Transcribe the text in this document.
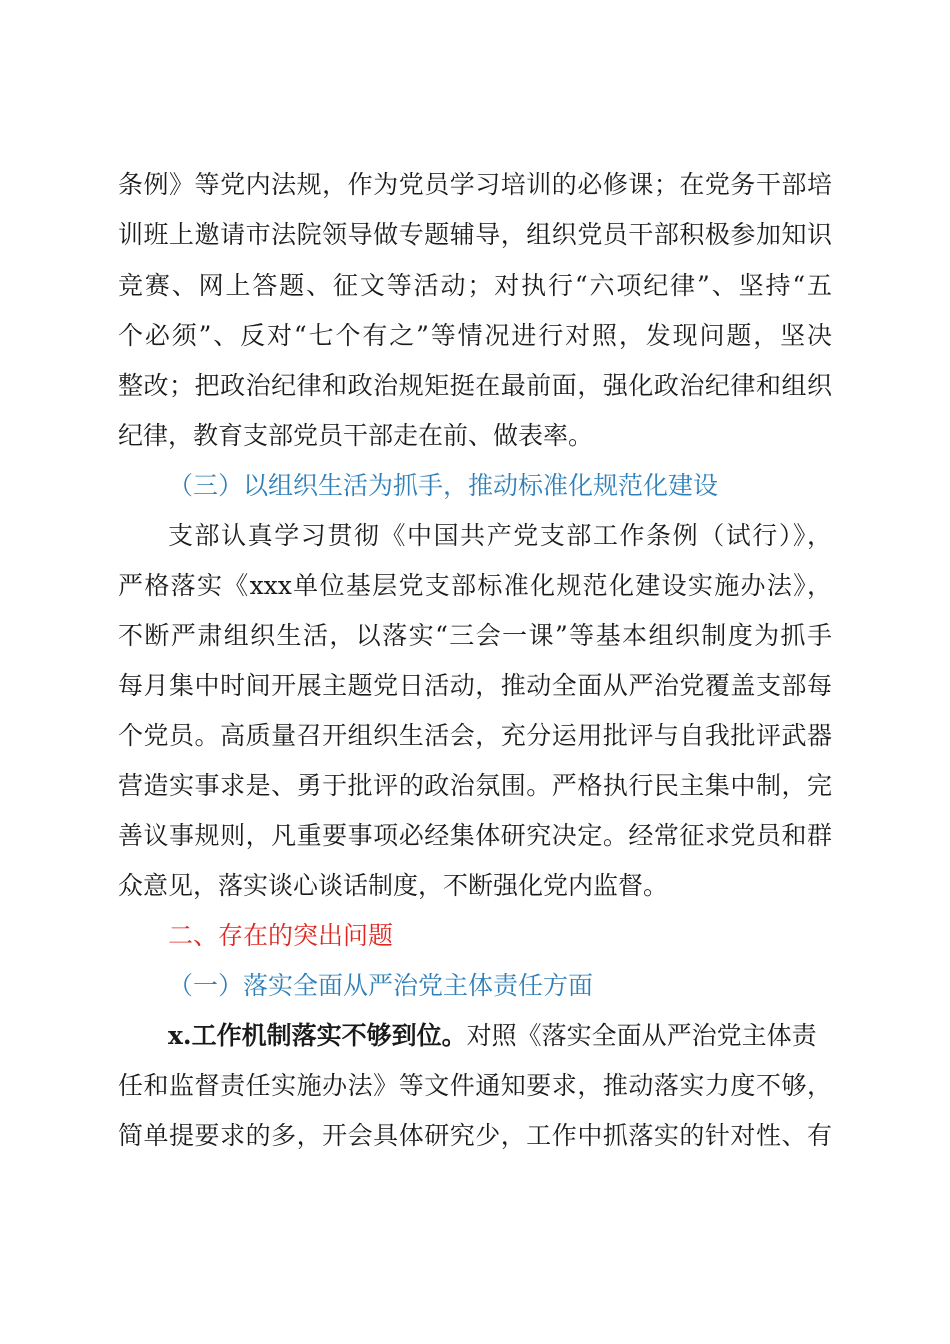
条例》等党内法规，作为党员学习培训的必修课；在党务干部培
训班上邀请市法院领导做专题辅导，组织党员干部积极参加知识
竞赛、网上答题、征文等活动；对执行“六项纪律”、坚持“五
个必须”、反对“七个有之”等情况进行对照，发现问题，坚决
整改；把政治纪律和政治规矩挺在最前面，强化政治纪律和组织
纪律，教育支部党员干部走在前、做表率。
（三）以组织生活为抓手，推动标准化规范化建设
支部认真学习贯彻《中国共产党支部工作条例（试行）》，
严格落实《xxx单位基层党支部标准化规范化建设实施办法》，
不断严肃组织生活，以落实“三会一课”等基本组织制度为抓手
每月集中时间开展主题党日活动，推动全面从严治党覆盖支部每
个党员。高质量召开组织生活会，充分运用批评与自我批评武器
营造实事求是、勇于批评的政治氛围。严格执行民主集中制，完
善议事规则，凡重要事项必经集体研究决定。经常征求党员和群
众意见，落实谈心谈话制度，不断强化党内监督。
二、存在的突出问题
（一）落实全面从严治党主体责任方面
x.工作机制落实不够到位。对照《落实全面从严治党主体责
任和监督责任实施办法》等文件通知要求，推动落实力度不够，
简单提要求的多，开会具体研究少，工作中抓落实的针对性、有
